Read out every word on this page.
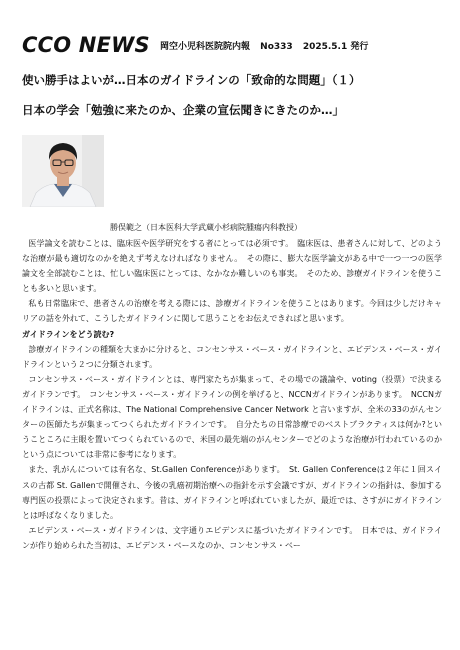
CCO NEWS 岡空小児科医院院内報 No333 2025.5.1 発行
使い勝手はよいが…日本のガイドラインの「致命的な問題」（１）
日本の学会「勉強に来たのか、企業の宣伝聞きにきたのか…」
勝俣範之（日本医科大学武蔵小杉病院腫瘍内科教授）

医学論文を読むことは、臨床医や医学研究をする者にとっては必須です。　臨床医は、患者さんに対して、どのような治療が最も適切なのかを絶えず考えなければなりません。　その際に、膨大な医学論文がある中で一つ一つの医学論文を全部読むことは、忙しい臨床医にとっては、なかなか難しいのも事実。　そのため、診療ガイドラインを使うことも多いと思います。

私も日常臨床で、患者さんの治療を考える際には、診療ガイドラインを使うことはあります。今回は少しだけキャリアの話を外れて、こうしたガイドラインに関して思うことをお伝えできればと思います。

ガイドラインをどう読む?

診療ガイドラインの種類を大まかに分けると、コンセンサス・ベース・ガイドラインと、エビデンス・ベース・ガイドラインという２つに分類されます。

コンセンサス・ベース・ガイドラインとは、専門家たちが集まって、その場での議論や、voting（投票）で決まるガイドランです。　コンセンサス・ベース・ガイドラインの例を挙げると、NCCNガイドラインがあります。　NCCNガイドラインは、正式名称は、The National Comprehensive Cancer Network と言いますが、全米の33のがんセンターの医師たちが集まってつくられたガイドラインです。　自分たちの日常診療でのベストプラクティスは何か?ということころに主眼を置いてつくられているので、米国の最先端のがんセンターでどのような治療が行われているのかという点については非常に参考になります。

また、乳がんについては有名な、St.Gallen Conferenceがあります。　St. Gallen Conferenceは２年に１回スイスの古都 St. Gallenで開催され、今後の乳癌初期治療への指針を示す会議ですが、ガイドラインの指針は、参加する専門医の投票によって決定されます。昔は、ガイドラインと呼ばれていましたが、最近では、さすがにガイドラインとは呼ばなくなりました。

エビデンス・ベース・ガイドラインは、文字通りエビデンスに基づいたガイドラインです。　日本では、ガイドラインが作り始められた当初は、エビデンス・ベースなのか、コンセンサス・ベー
